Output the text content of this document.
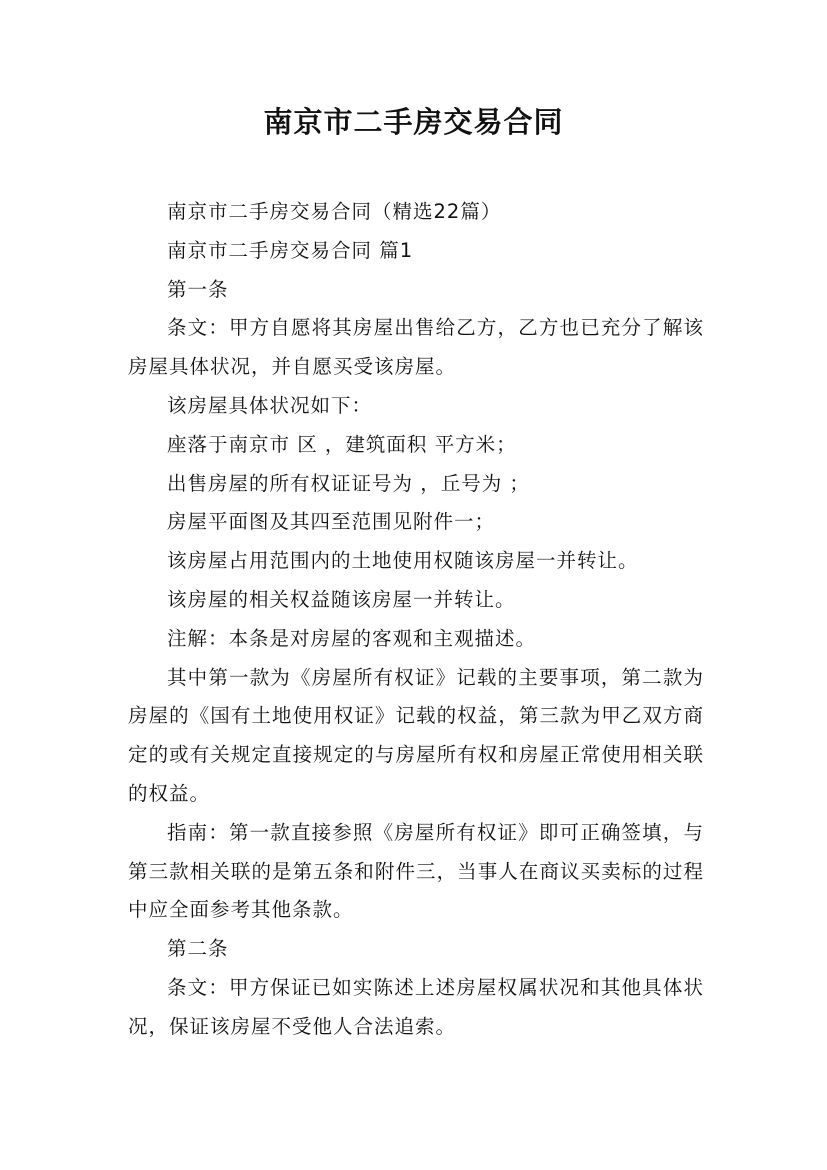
南京市二手房交易合同

南京市二手房交易合同（精选22篇）

南京市二手房交易合同 篇1

第一条

条文：甲方自愿将其房屋出售给乙方，乙方也已充分了解该房屋具体状况，并自愿买受该房屋。

该房屋具体状况如下：

座落于南京市 区 ，建筑面积 平方米；

出售房屋的所有权证证号为 ，丘号为 ；

房屋平面图及其四至范围见附件一；

该房屋占用范围内的土地使用权随该房屋一并转让。

该房屋的相关权益随该房屋一并转让。

注解：本条是对房屋的客观和主观描述。

其中第一款为《房屋所有权证》记载的主要事项，第二款为房屋的《国有土地使用权证》记载的权益，第三款为甲乙双方商定的或有关规定直接规定的与房屋所有权和房屋正常使用相关联的权益。

指南：第一款直接参照《房屋所有权证》即可正确签填，与第三款相关联的是第五条和附件三，当事人在商议买卖标的过程中应全面参考其他条款。

第二条

条文：甲方保证已如实陈述上述房屋权属状况和其他具体状况，保证该房屋不受他人合法追索。
